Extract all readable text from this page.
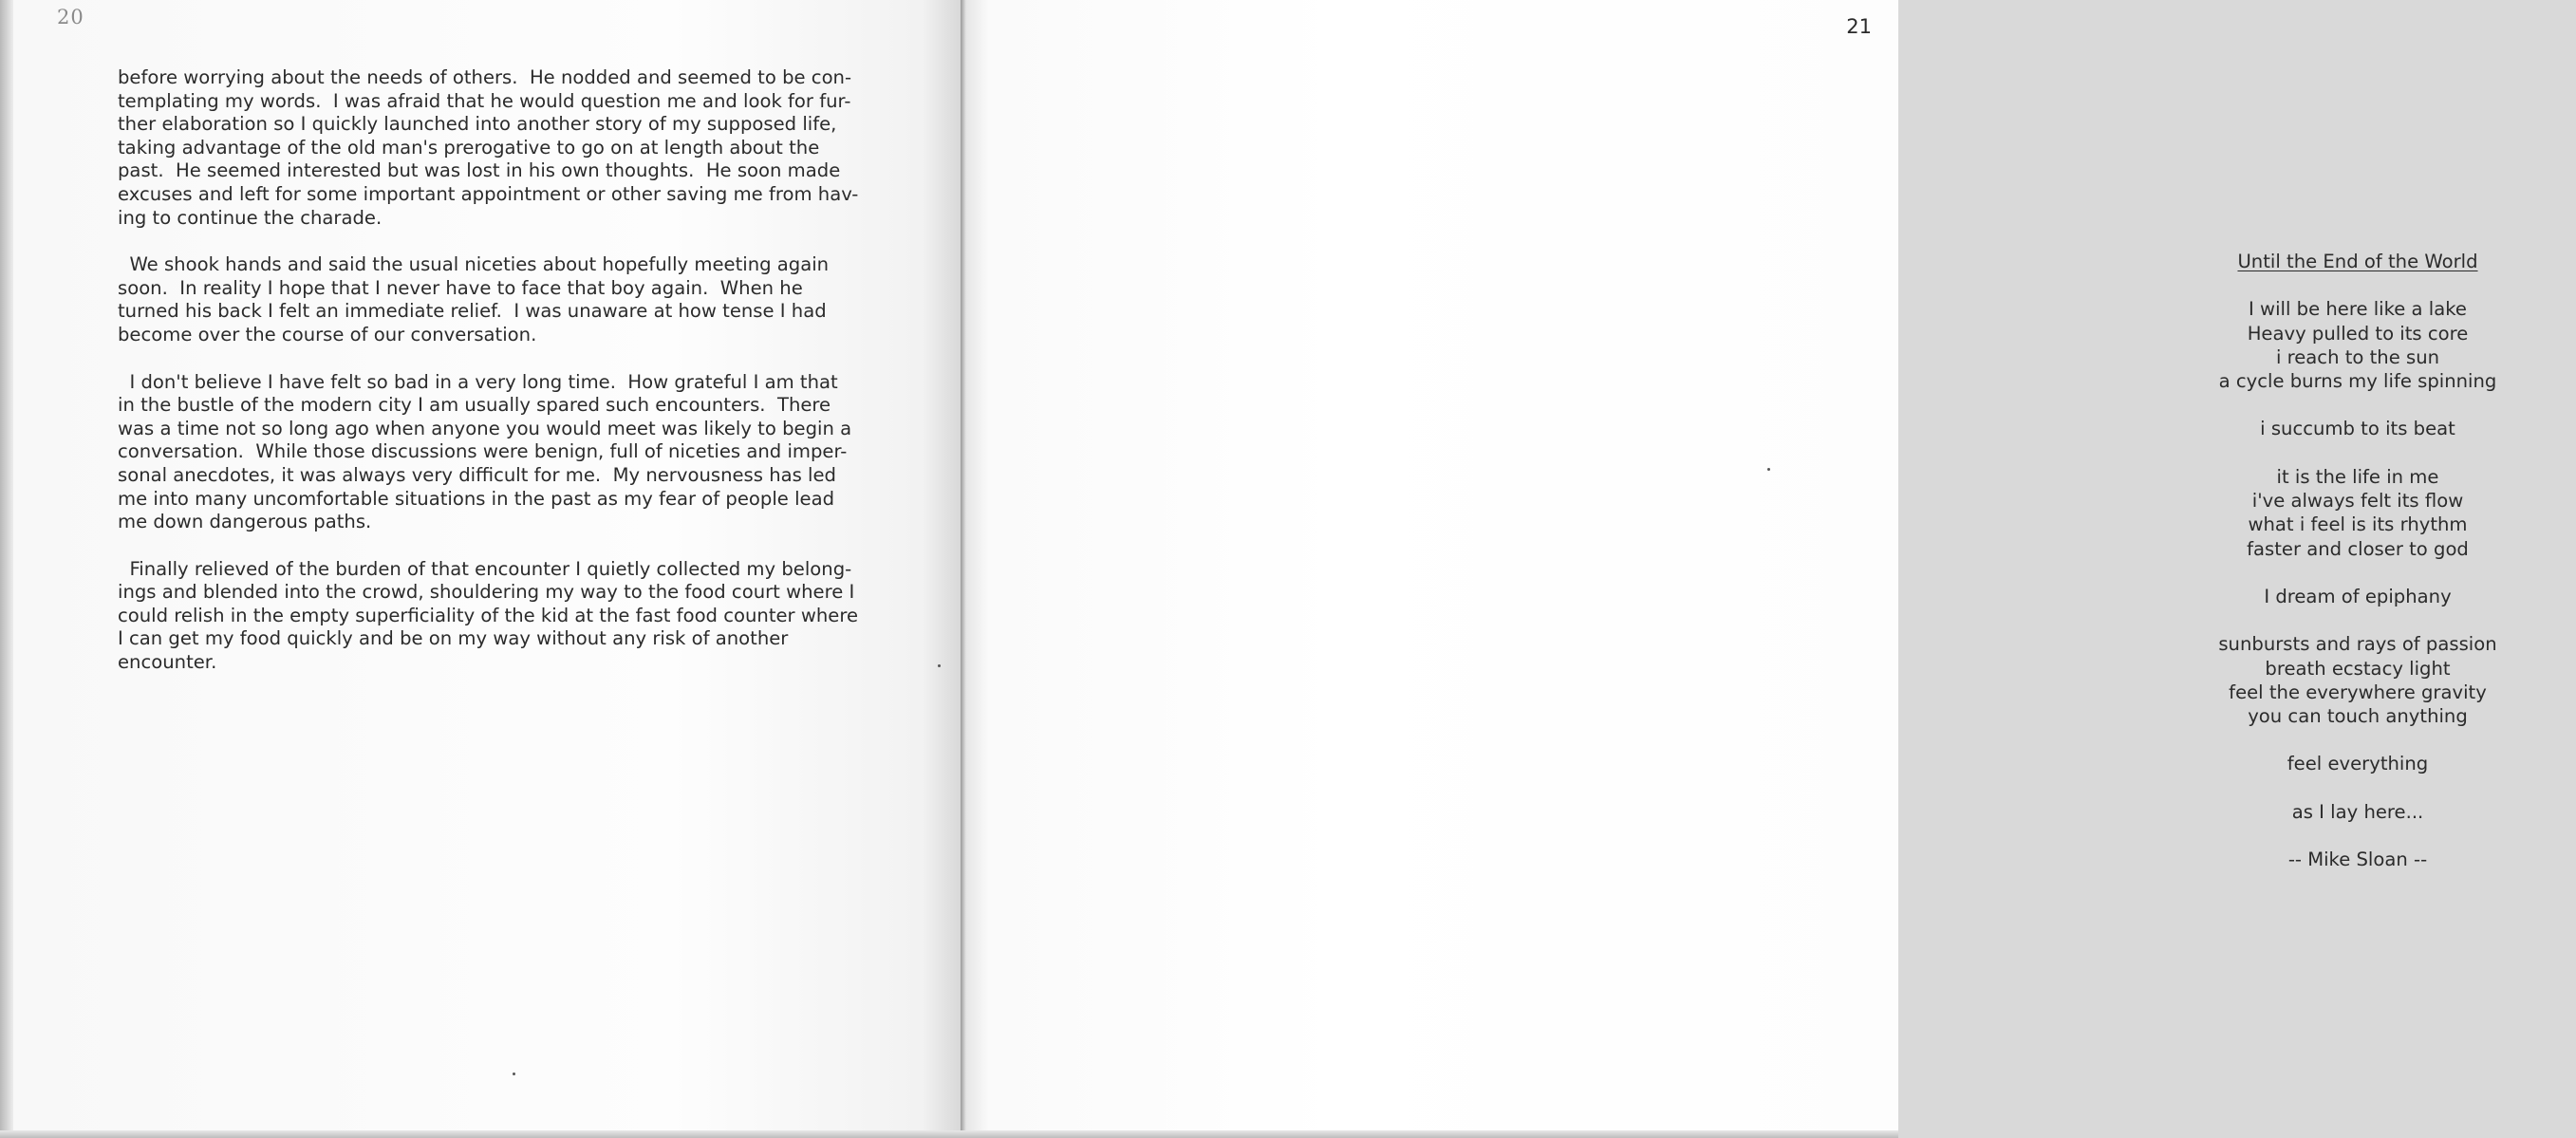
20
before worrying about the needs of others.  He nodded and seemed to be con-
templating my words.  I was afraid that he would question me and look for fur-
ther elaboration so I quickly launched into another story of my supposed life,
taking advantage of the old man's prerogative to go on at length about the
past.  He seemed interested but was lost in his own thoughts.  He soon made
excuses and left for some important appointment or other saving me from hav-
ing to continue the charade.
We shook hands and said the usual niceties about hopefully meeting again
soon.  In reality I hope that I never have to face that boy again.  When he
turned his back I felt an immediate relief.  I was unaware at how tense I had
become over the course of our conversation.
I don't believe I have felt so bad in a very long time.  How grateful I am that
in the bustle of the modern city I am usually spared such encounters.  There
was a time not so long ago when anyone you would meet was likely to begin a
conversation.  While those discussions were benign, full of niceties and imper-
sonal anecdotes, it was always very difficult for me.  My nervousness has led
me into many uncomfortable situations in the past as my fear of people lead
me down dangerous paths.
Finally relieved of the burden of that encounter I quietly collected my belong-
ings and blended into the crowd, shouldering my way to the food court where I
could relish in the empty superficiality of the kid at the fast food counter where
I can get my food quickly and be on my way without any risk of another
encounter.
21
Until the End of the World
I will be here like a lake
Heavy pulled to its core
i reach to the sun
a cycle burns my life spinning
i succumb to its beat
it is the life in me
i've always felt its flow
what i feel is its rhythm
faster and closer to god
I dream of epiphany
sunbursts and rays of passion
breath ecstacy light
feel the everywhere gravity
you can touch anything
feel everything
as I lay here...
-- Mike Sloan --
